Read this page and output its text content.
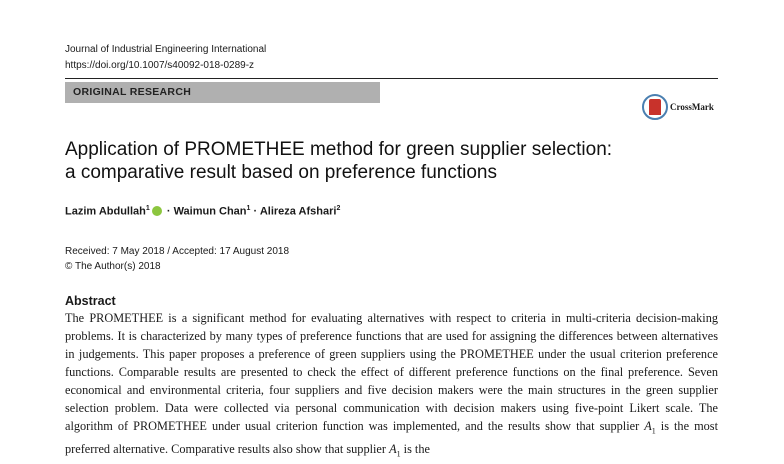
Journal of Industrial Engineering International
https://doi.org/10.1007/s40092-018-0289-z
ORIGINAL RESEARCH
CrossMark
Application of PROMETHEE method for green supplier selection:
a comparative result based on preference functions
Lazim Abdullah$^1$ · Waimun Chan$^1$ · Alireza Afshari$^2$
Received: 7 May 2018 / Accepted: 17 August 2018
© The Author(s) 2018
Abstract
The PROMETHEE is a significant method for evaluating alternatives with respect to criteria in multi-criteria decision-making problems. It is characterized by many types of preference functions that are used for assigning the differences between alternatives in judgements. This paper proposes a preference of green suppliers using the PROMETHEE under the usual criterion preference functions. Comparable results are presented to check the effect of different preference functions on the final preference. Seven economical and environmental criteria, four suppliers and five decision makers were the main structures in the green supplier selection problem. Data were collected via personal communication with decision makers using five-point Likert scale. The algorithm of PROMETHEE under usual criterion function was implemented, and the results show that supplier $A_1$ is the most preferred alternative. Comparative results also show that supplier $A_1$ is the
